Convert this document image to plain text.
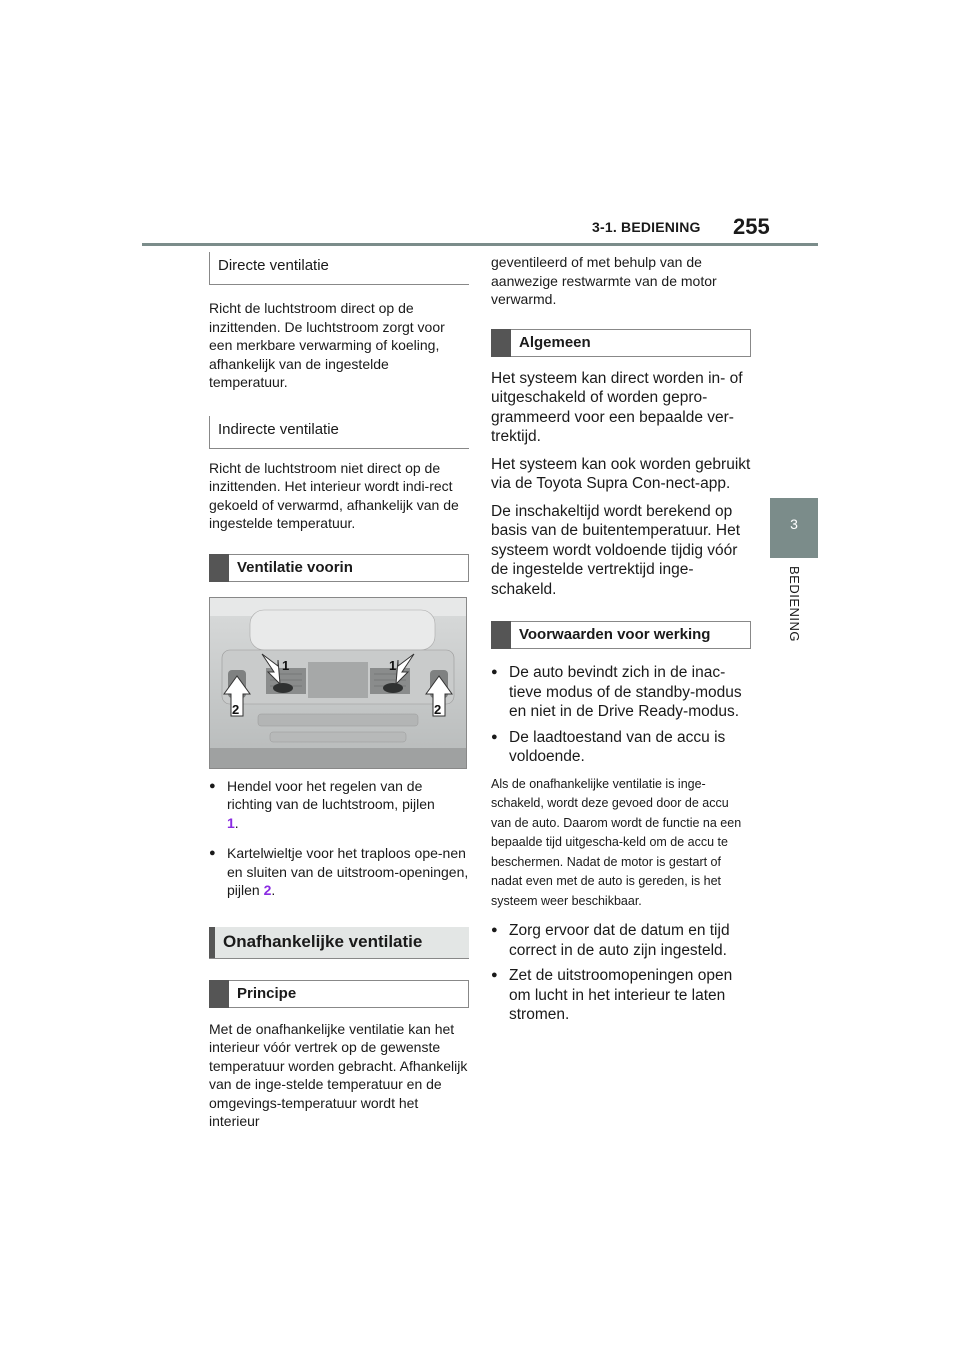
3-1. BEDIENING 255
3
BEDIENING
Directe ventilatie

Richt de luchtstroom direct op de inzittenden. De luchtstroom zorgt voor een merkbare verwarming of koeling, afhankelijk van de ingestelde temperatuur.

Indirecte ventilatie

Richt de luchtstroom niet direct op de inzittenden. Het interieur wordt indi-rect gekoeld of verwarmd, afhankelijk van de ingestelde temperatuur.

Ventilatie voorin
1	1
2	2
● Hendel voor het regelen van de richting van de luchtstroom, pijlen
1.
● Kartelwieltje voor het traploos ope-nen en sluiten van de uitstroom-openingen, pijlen 2.
Onafhankelijke ventilatie
Principe

Met de onafhankelijke ventilatie kan het interieur vóór vertrek op de gewenste temperatuur worden gebracht. Afhankelijk van de inge-stelde temperatuur en de omgevings-temperatuur wordt het interieur

geventileerd of met behulp van de aanwezige restwarmte van de motor verwarmd.

Algemeen

Het systeem kan direct worden in- of uitgeschakeld of worden gepro-grammeerd voor een bepaalde ver-trektijd.

Het systeem kan ook worden gebruikt via de Toyota Supra Con-nect-app.

De inschakeltijd wordt berekend op basis van de buitentemperatuur. Het systeem wordt voldoende tijdig vóór de ingestelde vertrektijd inge-schakeld.

Voorwaarden voor werking
● De auto bevindt zich in de inac-tieve modus of de standby-modus en niet in de Drive Ready-modus.
● De laadtoestand van de accu is voldoende.

Als de onafhankelijke ventilatie is inge-schakeld, wordt deze gevoed door de accu van de auto. Daarom wordt de functie na een bepaalde tijd uitgescha-keld om de accu te beschermen. Nadat de motor is gestart of nadat even met de auto is gereden, is het systeem weer beschikbaar.

● Zorg ervoor dat de datum en tijd correct in de auto zijn ingesteld.
● Zet de uitstroomopeningen open om lucht in het interieur te laten stromen.
